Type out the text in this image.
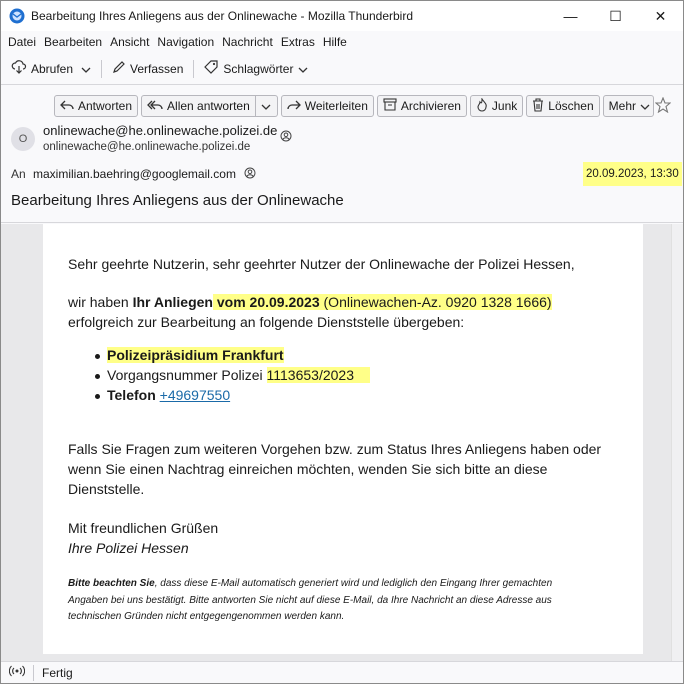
Bearbeitung Ihres Anliegens aus der Onlinewache - Mozilla Thunderbird	—	☐	✕
Datei Bearbeiten Ansicht Navigation Nachricht Extras Hilfe
Abrufen	Verfassen	Schlagwörter
Antworten	Allen antworten	Weiterleiten	Archivieren	Junk	Löschen Mehr
O
onlinewache@he.onlinewache.polizei.de
onlinewache@he.onlinewache.polizei.de
An maximilian.baehring@googlemail.com	20.09.2023, 13:30
Bearbeitung Ihres Anliegens aus der Onlinewache
Sehr geehrte Nutzerin, sehr geehrter Nutzer der Onlinewache der Polizei Hessen,
wir haben Ihr Anliegen vom 20.09.2023 (Onlinewachen-Az. 0920 1328 1666)
erfolgreich zur Bearbeitung an folgende Dienststelle übergeben:
Polizeipräsidium Frankfurt
Vorgangsnummer Polizei 1113653/2023
Telefon +49697550
Falls Sie Fragen zum weiteren Vorgehen bzw. zum Status Ihres Anliegens haben oder
wenn Sie einen Nachtrag einreichen möchten, wenden Sie sich bitte an diese
Dienststelle.
Mit freundlichen Grüßen
Ihre Polizei Hessen
Bitte beachten Sie, dass diese E-Mail automatisch generiert wird und lediglich den Eingang Ihrer gemachten
Angaben bei uns bestätigt. Bitte antworten Sie nicht auf diese E-Mail, da Ihre Nachricht an diese Adresse aus
technischen Gründen nicht entgegengenommen werden kann.
Fertig
